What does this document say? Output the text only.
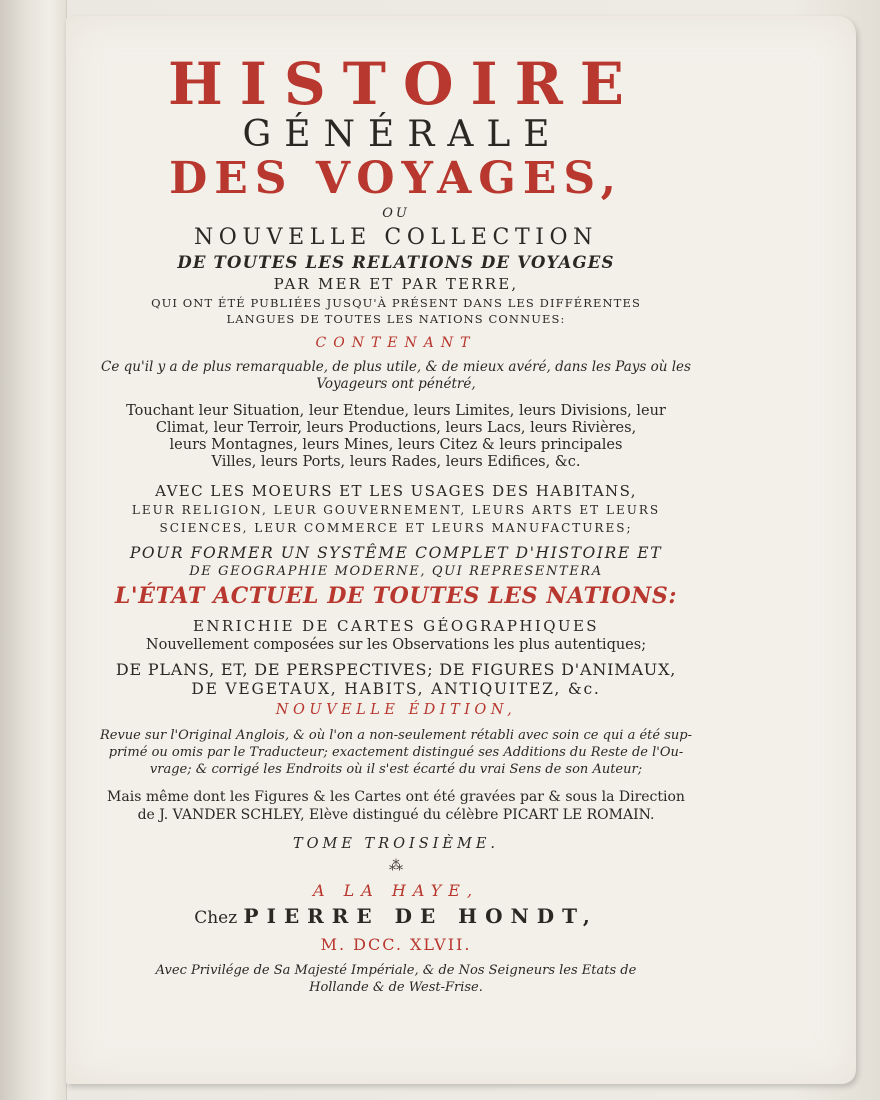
HISTOIRE
GÉNÉRALE
DES VOYAGES,
OU
NOUVELLE COLLECTION
DE TOUTES LES RELATIONS DE VOYAGES
PAR MER ET PAR TERRE,
QUI ONT ÉTÉ PUBLIÉES JUSQU'À PRÉSENT DANS LES DIFFÉRENTES
LANGUES DE TOUTES LES NATIONS CONNUES:
CONTENANT
Ce qu'il y a de plus remarquable, de plus utile, & de mieux avéré, dans les Pays où les
Voyageurs ont pénétré,
Touchant leur Situation, leur Etendue, leurs Limites, leurs Divisions, leur
Climat, leur Terroir, leurs Productions, leurs Lacs, leurs Rivières,
leurs Montagnes, leurs Mines, leurs Citez & leurs principales
Villes, leurs Ports, leurs Rades, leurs Edifices, &c.
AVEC LES MOEURS ET LES USAGES DES HABITANS,
LEUR RELIGION, LEUR GOUVERNEMENT, LEURS ARTS ET LEURS
SCIENCES, LEUR COMMERCE ET LEURS MANUFACTURES;
POUR FORMER UN SYSTÊME COMPLET D'HISTOIRE ET
DE GEOGRAPHIE MODERNE, QUI REPRESENTERA
L'ÉTAT ACTUEL DE TOUTES LES NATIONS:
ENRICHIE DE CARTES GÉOGRAPHIQUES
Nouvellement composées sur les Observations les plus autentiques;
DE PLANS, ET, DE PERSPECTIVES; DE FIGURES D'ANIMAUX,
DE VEGETAUX, HABITS, ANTIQUITEZ, &c.
NOUVELLE ÉDITION,
Revue sur l'Original Anglois, & où l'on a non-seulement rétabli avec soin ce qui a été sup-
primé ou omis par le Traducteur; exactement distingué ses Additions du Reste de l'Ou-
vrage; & corrigé les Endroits où il s'est écarté du vrai Sens de son Auteur;
Mais même dont les Figures & les Cartes ont été gravées par & sous la Direction
de J. VANDER SCHLEY, Elève distingué du célèbre PICART LE ROMAIN.
TOME TROISIÈME.
⁂
A LA HAYE,
Chez PIERRE DE HONDT,
M. DCC. XLVII.
Avec Privilége de Sa Majesté Impériale, & de Nos Seigneurs les Etats de
Hollande & de West-Frise.
